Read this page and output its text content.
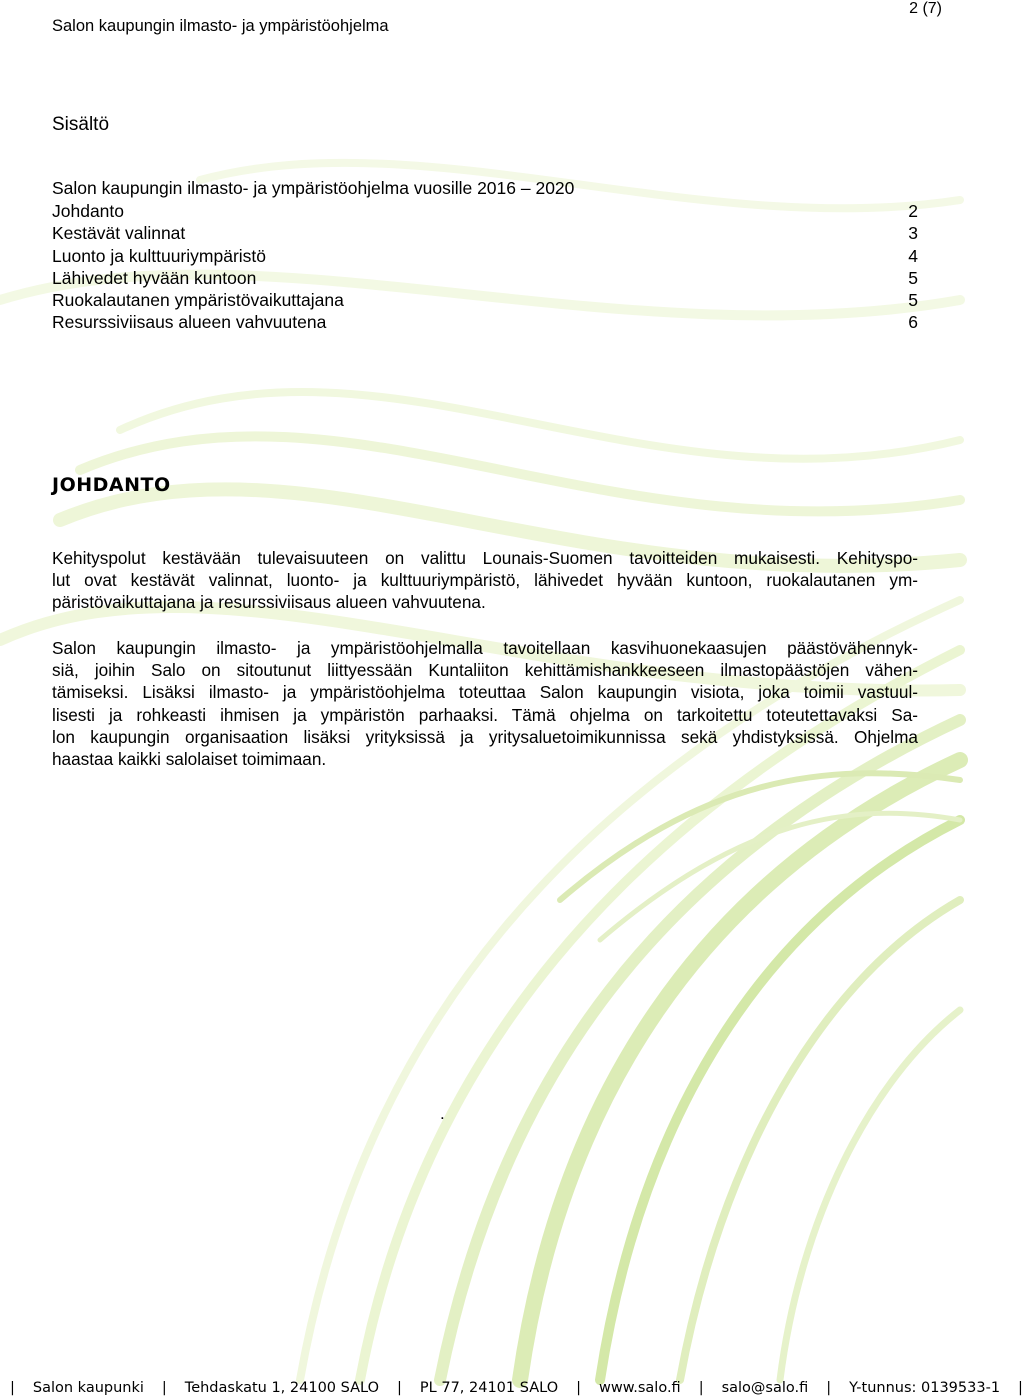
Salon kaupungin ilmasto- ja ympäristöohjelma
2 (7)
Sisältö
Salon kaupungin ilmasto- ja ympäristöohjelma vuosille 2016 – 2020
Johdanto	2
Kestävät valinnat	3
Luonto ja kulttuuriympäristö	4
Lähivedet hyvään kuntoon	5
Ruokalautanen ympäristövaikuttajana	5
Resurssiviisaus alueen vahvuutena	6
JOHDANTO
Kehityspolut kestävään tulevaisuuteen on valittu Lounais-Suomen tavoitteiden mukaisesti. Kehityspo-
lut ovat kestävät valinnat, luonto- ja kulttuuriympäristö, lähivedet hyvään kuntoon, ruokalautanen ym-
päristövaikuttajana ja resurssiviisaus alueen vahvuutena.
Salon kaupungin ilmasto- ja ympäristöohjelmalla tavoitellaan kasvihuonekaasujen päästövähennyk-
siä, joihin Salo on sitoutunut liittyessään Kuntaliiton kehittämishankkeeseen ilmastopäästöjen vähen-
tämiseksi. Lisäksi ilmasto- ja ympäristöohjelma toteuttaa Salon kaupungin visiota, joka toimii vastuul-
lisesti ja rohkeasti ihmisen ja ympäristön parhaaksi. Tämä ohjelma on tarkoitettu toteutettavaksi Sa-
lon kaupungin organisaation lisäksi yrityksissä ja yritysaluetoimikunnissa sekä yhdistyksissä. Ohjelma
haastaa kaikki salolaiset toimimaan.
.
| Salon kaupunki | Tehdaskatu 1, 24100 SALO | PL 77, 24101 SALO | www.salo.fi | salo@salo.fi | Y-tunnus: 0139533-1 |
